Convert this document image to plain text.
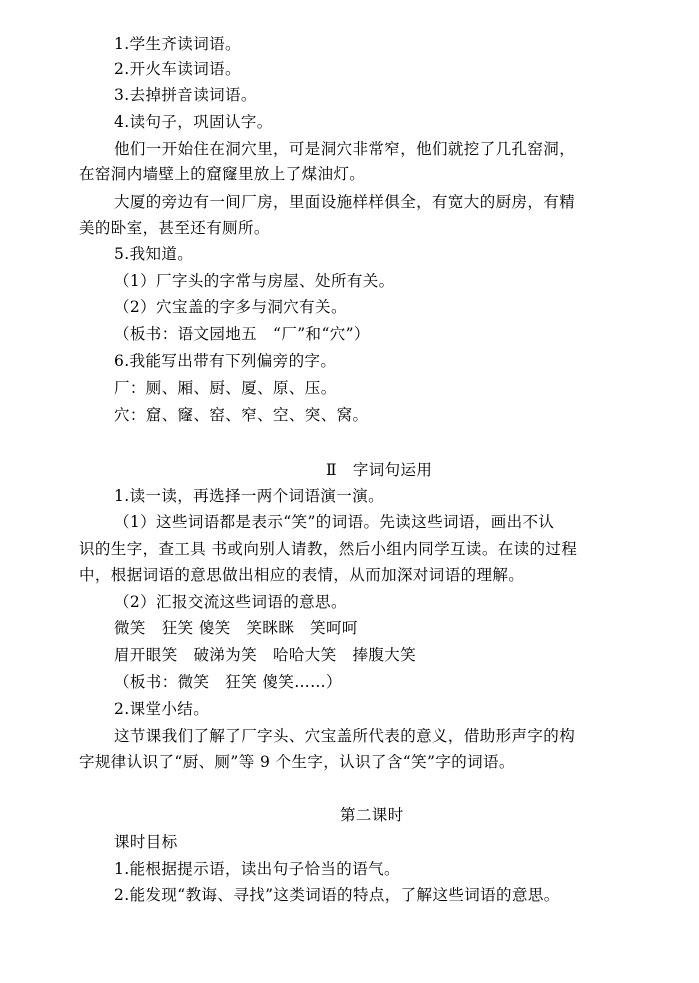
1.学生齐读词语。
2.开火车读词语。
3.去掉拼音读词语。
4.读句子，巩固认字。
他们一开始住在洞穴里，可是洞穴非常窄，他们就挖了几孔窑洞，
在窑洞内墙壁上的窟窿里放上了煤油灯。
大厦的旁边有一间厂房，里面设施样样俱全，有宽大的厨房，有精
美的卧室，甚至还有厕所。
5.我知道。
（1）厂字头的字常与房屋、处所有关。
（2）穴宝盖的字多与洞穴有关。
（板书：语文园地五　“厂”和“穴”）
6.我能写出带有下列偏旁的字。
厂：厕、厢、厨、厦、原、压。
穴：窟、窿、窑、窄、空、突、窝。
Ⅱ　字词句运用
1.读一读，再选择一两个词语演一演。
（1）这些词语都是表示“笑”的词语。先读这些词语，画出不认
识的生字，查工具 书或向别人请教，然后小组内同学互读。在读的过程
中，根据词语的意思做出相应的表情，从而加深对词语的理解。
（2）汇报交流这些词语的意思。
微笑　狂笑 傻笑　笑眯眯　笑呵呵
眉开眼笑　破涕为笑　哈哈大笑　捧腹大笑
（板书：微笑　狂笑 傻笑……）
2.课堂小结。
这节课我们了解了厂字头、穴宝盖所代表的意义，借助形声字的构
字规律认识了“厨、厕”等 9 个生字，认识了含“笑”字的词语。
第二课时
课时目标
1.能根据提示语，读出句子恰当的语气。
2.能发现“教诲、寻找”这类词语的特点，了解这些词语的意思。
